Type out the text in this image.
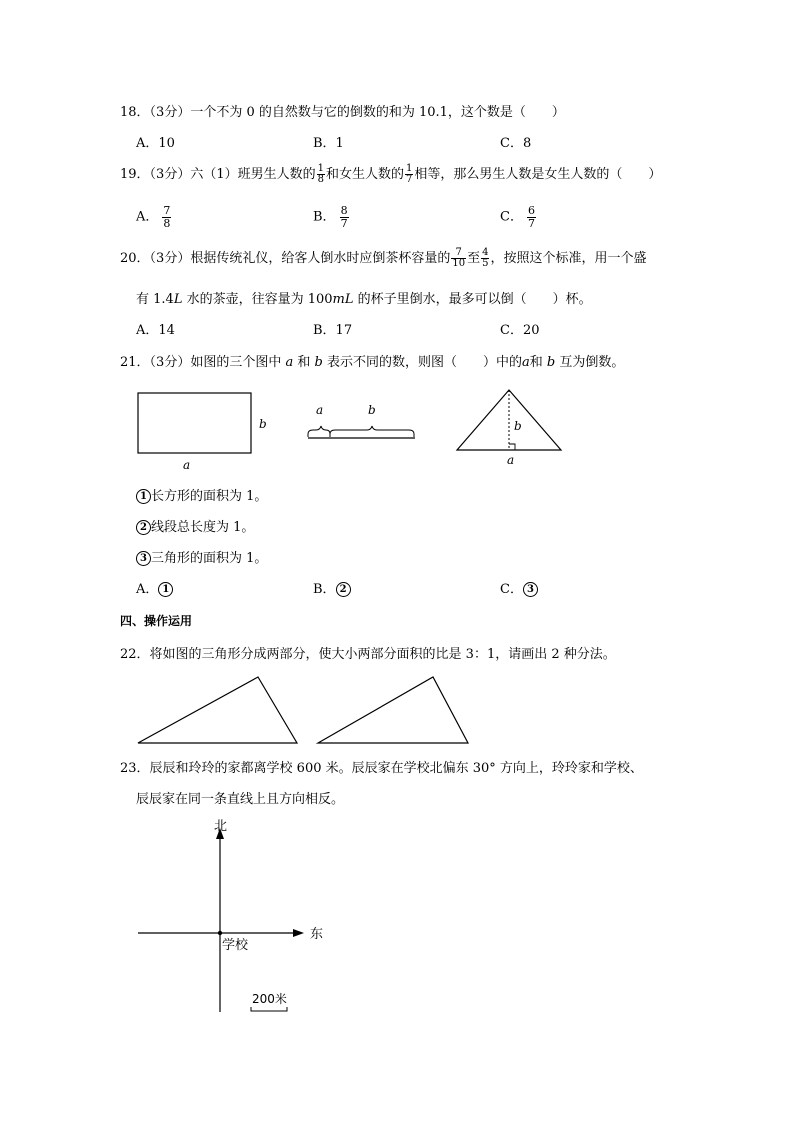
18．（3分）一个不为 0 的自然数与它的倒数的和为 10.1，这个数是（　　）
A．10	B．1	C．8
19．（3分）六（1）班男生人数的 $\frac{1}{8}$ 和女生人数的 $\frac{1}{7}$ 相等，那么男生人数是女生人数的（　　）
A． $\frac{7}{8}$	B． $\frac{8}{7}$	C． $\frac{6}{7}$
20．（3分）根据传统礼仪，给客人倒水时应倒茶杯容量的 $\frac{7}{10}$ 至 $\frac{4}{5}$ ，按照这个标准，用一个盛
有 1.4L 水的茶壶，往容量为 100mL 的杯子里倒水，最多可以倒（　　）杯。
A．14	B．17	C．20
21．（3分）如图的三个图中 a 和 b 表示不同的数，则图（　　）中的a和 b 互为倒数。
b
a
a	b
b
a
1 长方形的面积为 1。
2 线段总长度为 1。
3 三角形的面积为 1。
A． 1	B． 2	C． 3
四、操作运用
22．将如图的三角形分成两部分，使大小两部分面积的比是 3：1，请画出 2 种分法。
23．辰辰和玲玲的家都离学校 600 米。辰辰家在学校北偏东 30° 方向上，玲玲家和学校、
辰辰家在同一条直线上且方向相反。
北
东
学校
200米
